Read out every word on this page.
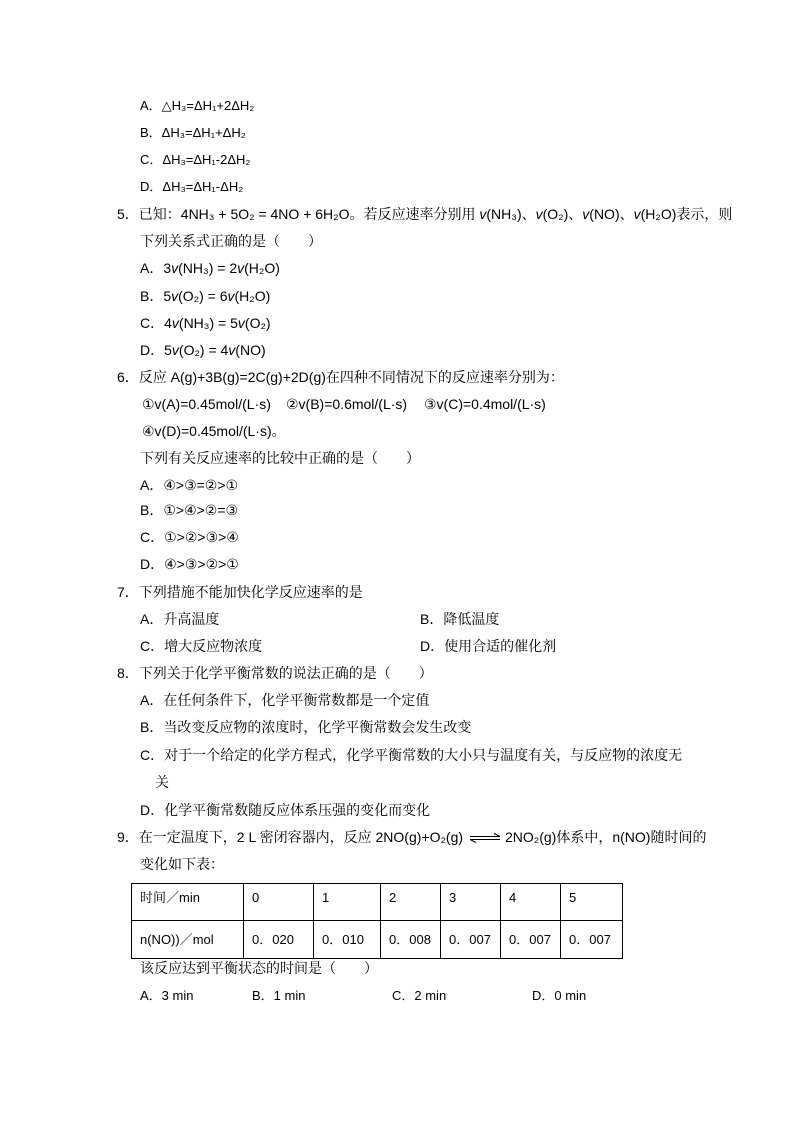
A．△H₃=ΔH₁+2ΔH₂
B．ΔH₃=ΔH₁+ΔH₂
C．ΔH₃=ΔH₁-2ΔH₂
D．ΔH₃=ΔH₁-ΔH₂
5．已知：4NH₃ + 5O₂ = 4NO + 6H₂O。若反应速率分别用 v(NH₃)、v(O₂)、v(NO)、v(H₂O)表示，则
下列关系式正确的是（　　）
A．3v(NH₃) = 2v(H₂O)
B．5v(O₂) = 6v(H₂O)
C．4v(NH₃) = 5v(O₂)
D．5v(O₂) = 4v(NO)
6．反应 A(g)+3B(g)=2C(g)+2D(g)在四种不同情况下的反应速率分别为：
①v(A)=0.45mol/(L·s) ②v(B)=0.6mol/(L·s) ③v(C)=0.4mol/(L·s)
④v(D)=0.45mol/(L·s)。
下列有关反应速率的比较中正确的是（　　）
A．④>③=②>①
B．①>④>②=③
C．①>②>③>④
D．④>③>②>①
7．下列措施不能加快化学反应速率的是
A．升高温度	B．降低温度
C．增大反应物浓度	D．使用合适的催化剂
8．下列关于化学平衡常数的说法正确的是（　　）
A．在任何条件下，化学平衡常数都是一个定值
B．当改变反应物的浓度时，化学平衡常数会发生改变
C．对于一个给定的化学方程式，化学平衡常数的大小只与温度有关，与反应物的浓度无
关
D．化学平衡常数随反应体系压强的变化而变化
9．在一定温度下，2 L 密闭容器内，反应 2NO(g)+O₂(g) ⇌ 2NO₂(g)体系中，n(NO)随时间的
变化如下表：
时间／min	0	1	2	3	4	5
n(NO))／mol	0．020	0．010	0．008	0．007	0．007	0．007
该反应达到平衡状态的时间是（　　）
A．3 min	B．1 min	C．2 min	D．0 min
